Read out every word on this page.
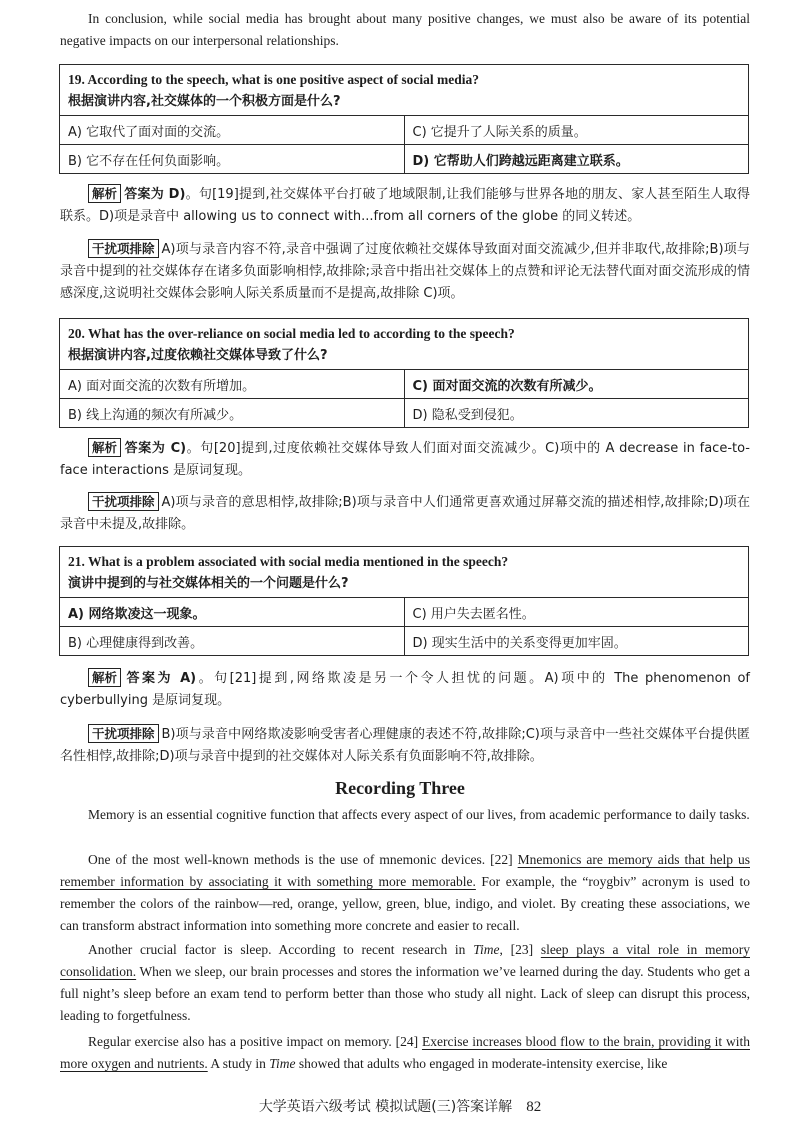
In conclusion, while social media has brought about many positive changes, we must also be aware of its potential negative impacts on our interpersonal relationships.
19. According to the speech, what is one positive aspect of social media?
根据演讲内容,社交媒体的一个积极方面是什么?	

A) 它取代了面对面的交流。	C) 它提升了人际关系的质量。
B) 它不存在任何负面影响。	D) 它帮助人们跨越远距离建立联系。
解析 答案为 D)。句[19]提到,社交媒体平台打破了地域限制,让我们能够与世界各地的朋友、家人甚至陌生人取得联系。D)项是录音中 allowing us to connect with...from all corners of the globe 的同义转述。
干扰项排除 A)项与录音内容不符,录音中强调了过度依赖社交媒体导致面对面交流减少,但并非取代,故排除;B)项与录音中提到的社交媒体存在诸多负面影响相悖,故排除;录音中指出社交媒体上的点赞和评论无法替代面对面交流形成的情感深度,这说明社交媒体会影响人际关系质量而不是提高,故排除 C)项。
20. What has the over-reliance on social media led to according to the speech?
根据演讲内容,过度依赖社交媒体导致了什么?	

A) 面对面交流的次数有所增加。	C) 面对面交流的次数有所减少。
B) 线上沟通的频次有所减少。	D) 隐私受到侵犯。
解析 答案为 C)。句[20]提到,过度依赖社交媒体导致人们面对面交流减少。C)项中的 A decrease in face-to-face interactions 是原词复现。
干扰项排除 A)项与录音的意思相悖,故排除;B)项与录音中人们通常更喜欢通过屏幕交流的描述相悖,故排除;D)项在录音中未提及,故排除。
21. What is a problem associated with social media mentioned in the speech?
演讲中提到的与社交媒体相关的一个问题是什么?	

A) 网络欺凌这一现象。	C) 用户失去匿名性。
B) 心理健康得到改善。	D) 现实生活中的关系变得更加牢固。
解析 答案为 A)。句[21]提到,网络欺凌是另一个令人担忧的问题。A)项中的 The phenomenon of cyberbullying 是原词复现。
干扰项排除 B)项与录音中网络欺凌影响受害者心理健康的表述不符,故排除;C)项与录音中一些社交媒体平台提供匿名性相悖,故排除;D)项与录音中提到的社交媒体对人际关系有负面影响不符,故排除。
Recording Three
Memory is an essential cognitive function that affects every aspect of our lives, from academic performance to daily tasks.
One of the most well-known methods is the use of mnemonic devices. [22] Mnemonics are memory aids that help us remember information by associating it with something more memorable. For example, the “roygbiv” acronym is used to remember the colors of the rainbow—red, orange, yellow, green, blue, indigo, and violet. By creating these associations, we can transform abstract information into something more concrete and easier to recall.
Another crucial factor is sleep. According to recent research in Time, [23] sleep plays a vital role in memory consolidation. When we sleep, our brain processes and stores the information we’ve learned during the day. Students who get a full night’s sleep before an exam tend to perform better than those who study all night. Lack of sleep can disrupt this process, leading to forgetfulness.
Regular exercise also has a positive impact on memory. [24] Exercise increases blood flow to the brain, providing it with more oxygen and nutrients. A study in Time showed that adults who engaged in moderate-intensity exercise, like
大学英语六级考试 模拟试题(三)答案详解 82
